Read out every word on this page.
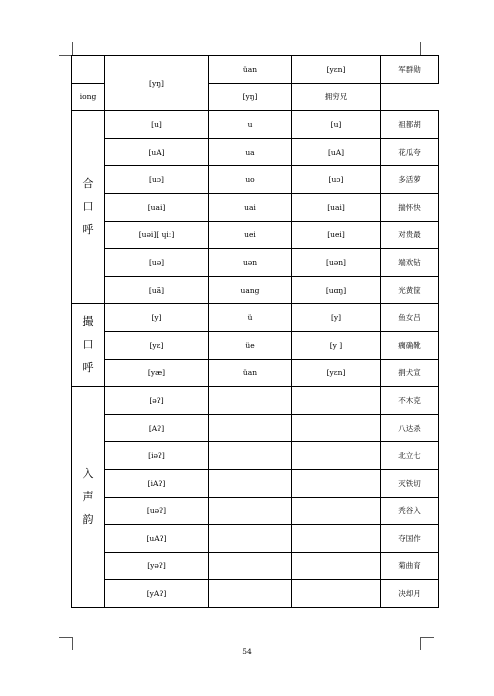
	[yŋ]	üan	[yɛn]	军群勋
iong		[yŋ]	拥穷兄	

合
口
呼	[u]	u	[u]	祖都胡
	[uA]	ua	[uA]	花瓜夸
	[uɔ]	uo	[uɔ]	多活萝
	[uai]	uai	[uai]	揣怀快
	[uəi][ ɥiː]	uei	[uei]	对贵最
	[uə]	uən	[uən]	端欢钻
	[uã]	uang	[uɑŋ]	光黄筐

撮
口
呼	[y]	ü	[y]	鱼女吕
	[yɛ]	üe	[y ]	瘸确靴
	[yæ]	üan	[yɛn]	捐犬宣

入
声
韵	[əʔ]			不木克
	[Aʔ]			八达杀
	[iəʔ]			北立七
	[iAʔ]			灭铁切
	[uəʔ]			秃谷入
	[uAʔ]			夺国作
	[yəʔ]			菊曲育
	[yAʔ]			决却月
54
